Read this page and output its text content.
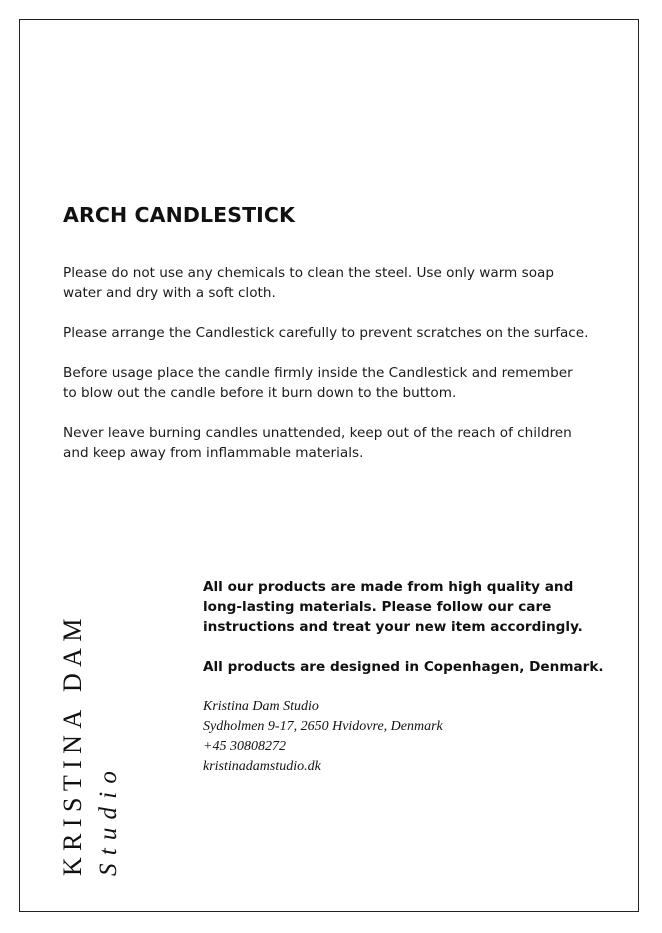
ARCH CANDLESTICK

Please do not use any chemicals to clean the steel. Use only warm soap
water and dry with a soft cloth.

Please arrange the Candlestick carefully to prevent scratches on the surface.

Before usage place the candle firmly inside the Candlestick and remember
to blow out the candle before it burn down to the buttom.

Never leave burning candles unattended, keep out of the reach of children
and keep away from inflammable materials.

KRISTINA DAM Studio

All our products are made from high quality and
long-lasting materials. Please follow our care
instructions and treat your new item accordingly.

All products are designed in Copenhagen, Denmark.

Kristina Dam Studio
Sydholmen 9-17, 2650 Hvidovre, Denmark
+45 30808272
kristinadamstudio.dk
